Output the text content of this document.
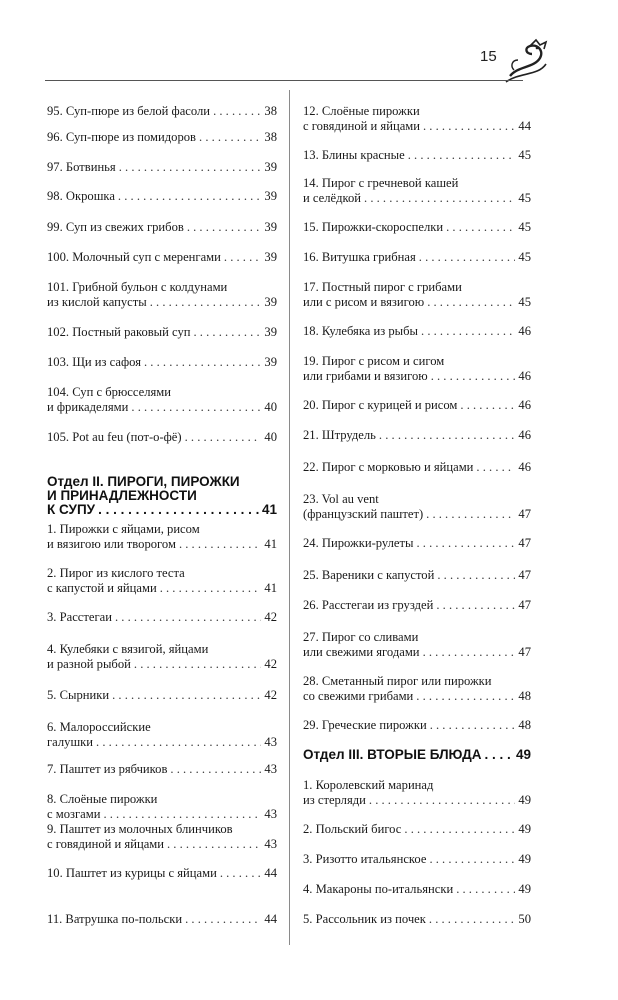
15
95. Суп-пюре из белой фасоли . . .	38
96. Суп-пюре из помидоров . . .	38
97. Ботвинья . . .	39
98. Окрошка . . .	39
99. Суп из свежих грибов . . .	39
100. Молочный суп с меренгами . . .	39
101. Грибной бульон с колдунами
из кислой капусты . . .	39
102. Постный раковый суп . . .	39
103. Щи из сафоя . . .	39
104. Суп с брюсселями
и фрикаделями . . .	40
105. Pot au feu (пот-о-фё) . . .	40
Отдел II. ПИРОГИ, ПИРОЖКИ
И ПРИНАДЛЕЖНОСТИ
К СУПУ . . .	41
1. Пирожки с яйцами, рисом
и вязигою или творогом . . .	41
2. Пирог из кислого теста
с капустой и яйцами . . .	41
3. Расстегаи . . .	42
4. Кулебяки с вязигой, яйцами
и разной рыбой . . .	42
5. Сырники . . .	42
6. Малороссийские
галушки . . .	43
7. Паштет из рябчиков . . .	43
8. Слоёные пирожки
с мозгами . . .	43
9. Паштет из молочных блинчиков
с говядиной и яйцами . . .	43
10. Паштет из курицы с яйцами . . .	44
11. Ватрушка по-польски . . .	44
12. Слоёные пирожки
с говядиной и яйцами . . .	44
13. Блины красные . . .	45
14. Пирог с гречневой кашей
и селёдкой . . .	45
15. Пирожки-скороспелки . . .	45
16. Витушка грибная . . .	45
17. Постный пирог с грибами
или с рисом и вязигою . . .	45
18. Кулебяка из рыбы . . .	46
19. Пирог с рисом и сигом
или грибами и вязигою . . .	46
20. Пирог с курицей и рисом . . .	46
21. Штрудель . . .	46
22. Пирог с морковью и яйцами . . .	46
23. Vol au vent
(французский паштет) . . .	47
24. Пирожки-рулеты . . .	47
25. Вареники с капустой . . .	47
26. Расстегаи из груздей . . .	47
27. Пирог со сливами
или свежими ягодами . . .	47
28. Сметанный пирог или пирожки
со свежими грибами . . .	48
29. Греческие пирожки . . .	48
Отдел III. ВТОРЫЕ БЛЮДА . . .	49
1. Королевский маринад
из стерляди . . .	49
2. Польский бигос . . .	49
3. Ризотто итальянское . . .	49
4. Макароны по-итальянски . . .	49
5. Рассольник из почек . . .	50
